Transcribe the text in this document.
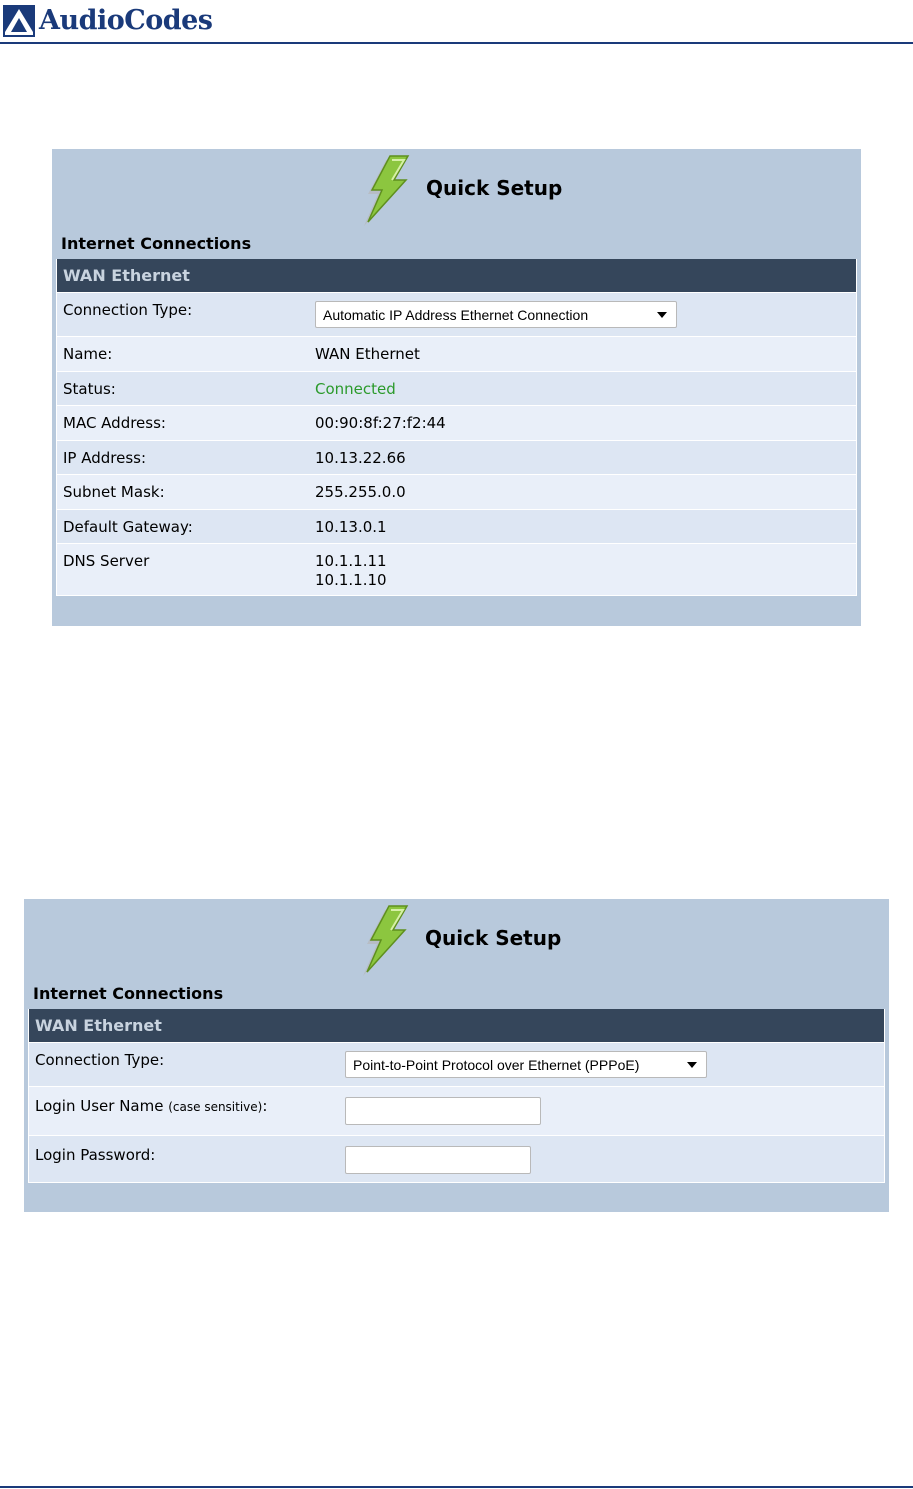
AudioCodes
Quick Setup
Internet Connections
WAN Ethernet
Connection Type:	Automatic IP Address Ethernet Connection
Name:	WAN Ethernet
Status:	Connected
MAC Address:	00:90:8f:27:f2:44
IP Address:	10.13.22.66
Subnet Mask:	255.255.0.0
Default Gateway:	10.13.0.1
DNS Server	10.1.1.11
10.1.1.10
Quick Setup
Internet Connections
WAN Ethernet
Connection Type:	Point-to-Point Protocol over Ethernet (PPPoE)
Login User Name (case sensitive):
Login Password:
